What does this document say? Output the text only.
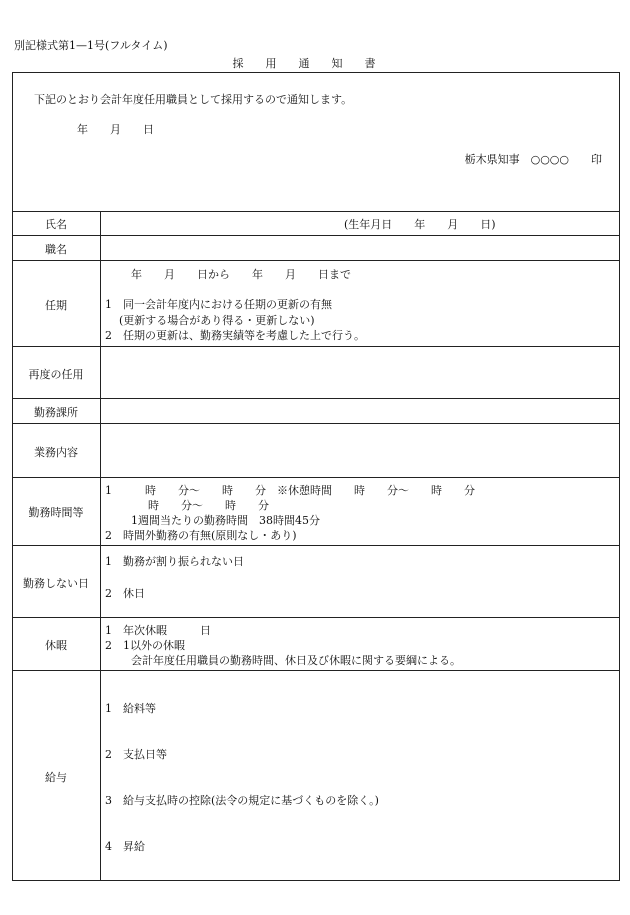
別記様式第1—1号(フルタイム)
採用通知書
下記のとおり会計年度任用職員として採用するので通知します。
年　　月　　日
栃木県知事　○○○○　　印
氏名	(生年月日　　年　　月　　日)
職名
任期
年　　月　　日から　　年　　月　　日まで
1　同一会計年度内における任期の更新の有無
(更新する場合があり得る・更新しない)
2　任期の更新は、勤務実績等を考慮した上で行う。
再度の任用
勤務課所
業務内容
勤務時間等
1　　　時　　分〜　　時　　分　※休憩時間　　時　　分〜　　時　　分
時　　分〜　　時　　分
1週間当たりの勤務時間　38時間45分
2　時間外勤務の有無(原則なし・あり)
勤務しない日
1　勤務が割り振られない日
2　休日
休暇
1　年次休暇　　　日
2　1以外の休暇
会計年度任用職員の勤務時間、休日及び休暇に関する要綱による。
給与
1　給料等
2　支払日等
3　給与支払時の控除(法令の規定に基づくものを除く。)
4　昇給
